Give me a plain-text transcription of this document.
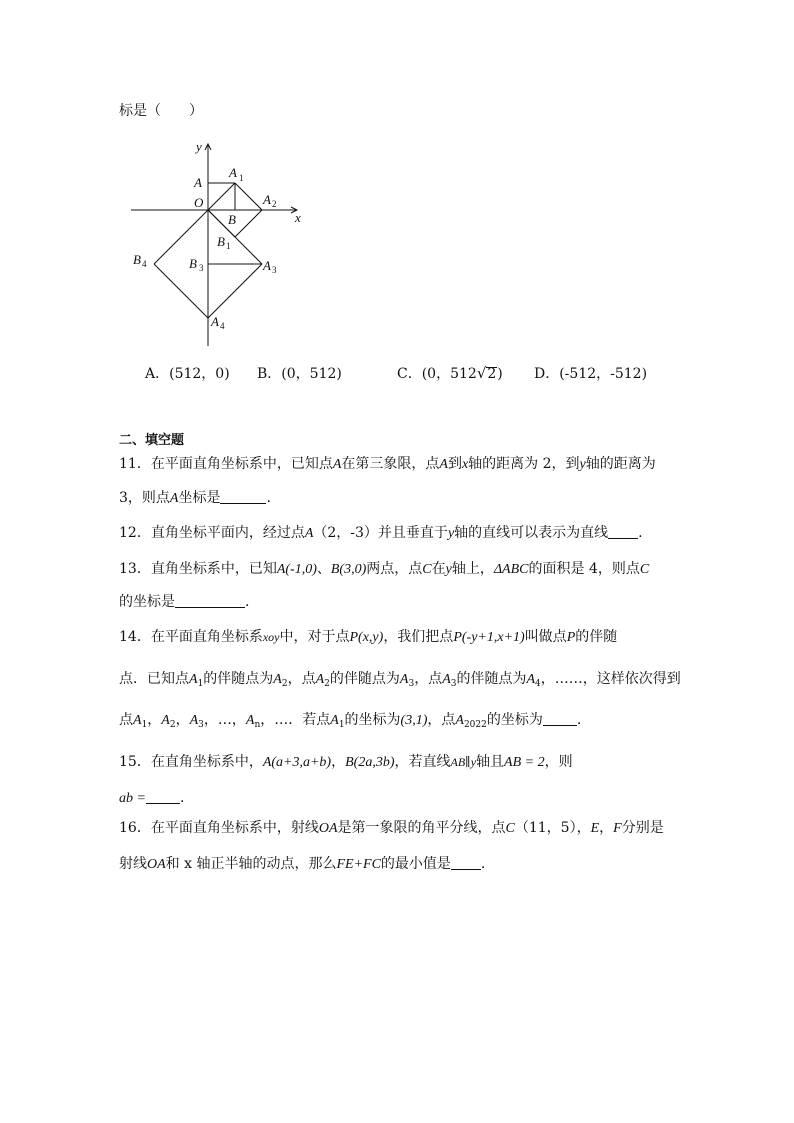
标是（　　）
y
x
O
A
A 1
A 2
B
B 1
B 3	A 3
B 4
A 4
A．(512，0) B．(0，512)	C．(0，512√2) D．(-512，-512)
二、填空题
11．在平面直角坐标系中，已知点A在第三象限，点A到x轴的距离为 2，到y轴的距离为
3，则点A坐标是	.
12．直角坐标平面内，经过点A（2，-3）并且垂直于y轴的直线可以表示为直线 .
13．直角坐标系中，已知A(-1,0)、B(3,0)两点，点C在y轴上，ΔABC的面积是 4，则点C
的坐标是	.
14．在平面直角坐标系xoy中，对于点P(x,y)，我们把点P(-y+1,x+1)叫做点P的伴随
点．已知点$A_1$的伴随点为$A_2$，点$A_2$的伴随点为$A_3$，点$A_3$的伴随点为$A_4$，……，这样依次得到
点$A_1$，$A_2$，$A_3$，…，$A_n$，…．若点$A_1$的坐标为(3,1)，点$A_{2022}$的坐标为 .
15．在直角坐标系中，A(a+3,a+b)，B(2a,3b)，若直线AB∥y轴且AB = 2，则
ab = .
16．在平面直角坐标系中，射线OA是第一象限的角平分线，点C（11，5），E，F分别是
射线OA和 x 轴正半轴的动点，那么FE+FC的最小值是 .
